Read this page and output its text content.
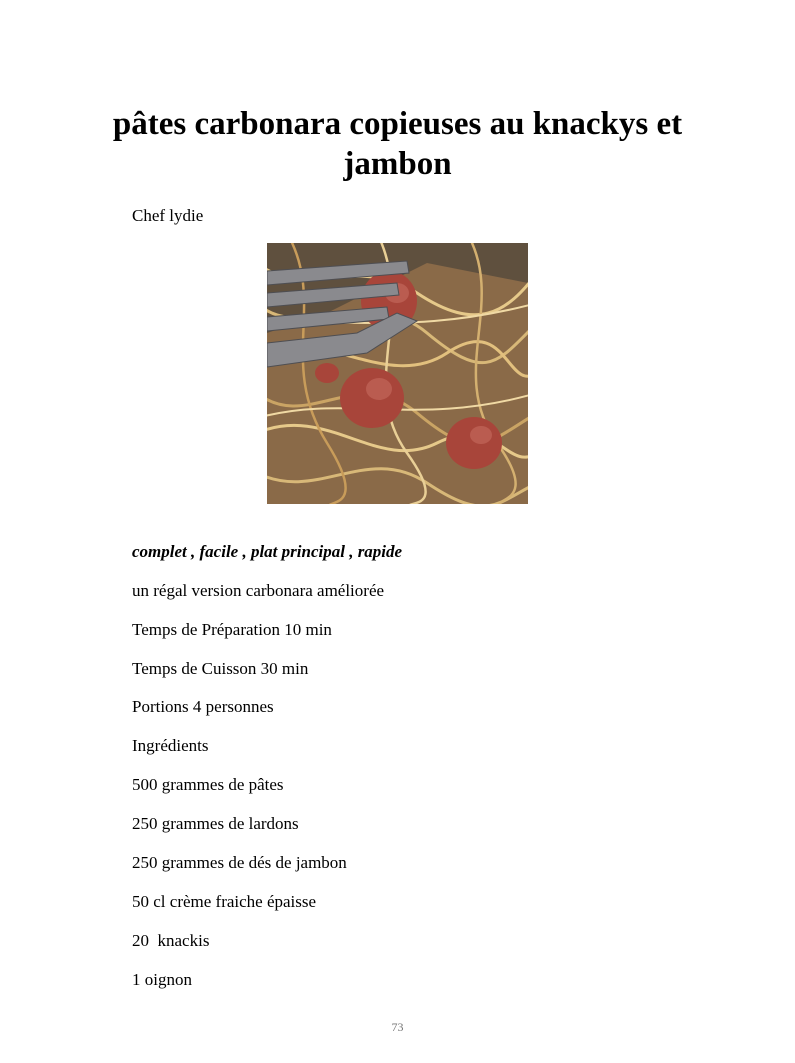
pâtes carbonara copieuses au knackys et jambon
Chef lydie
complet , facile , plat principal , rapide
un régal version carbonara améliorée
Temps de Préparation 10 min
Temps de Cuisson 30 min
Portions 4 personnes
Ingrédients
500 grammes de pâtes
250 grammes de lardons
250 grammes de dés de jambon
50 cl crème fraiche épaisse
20  knackis
1 oignon
73
